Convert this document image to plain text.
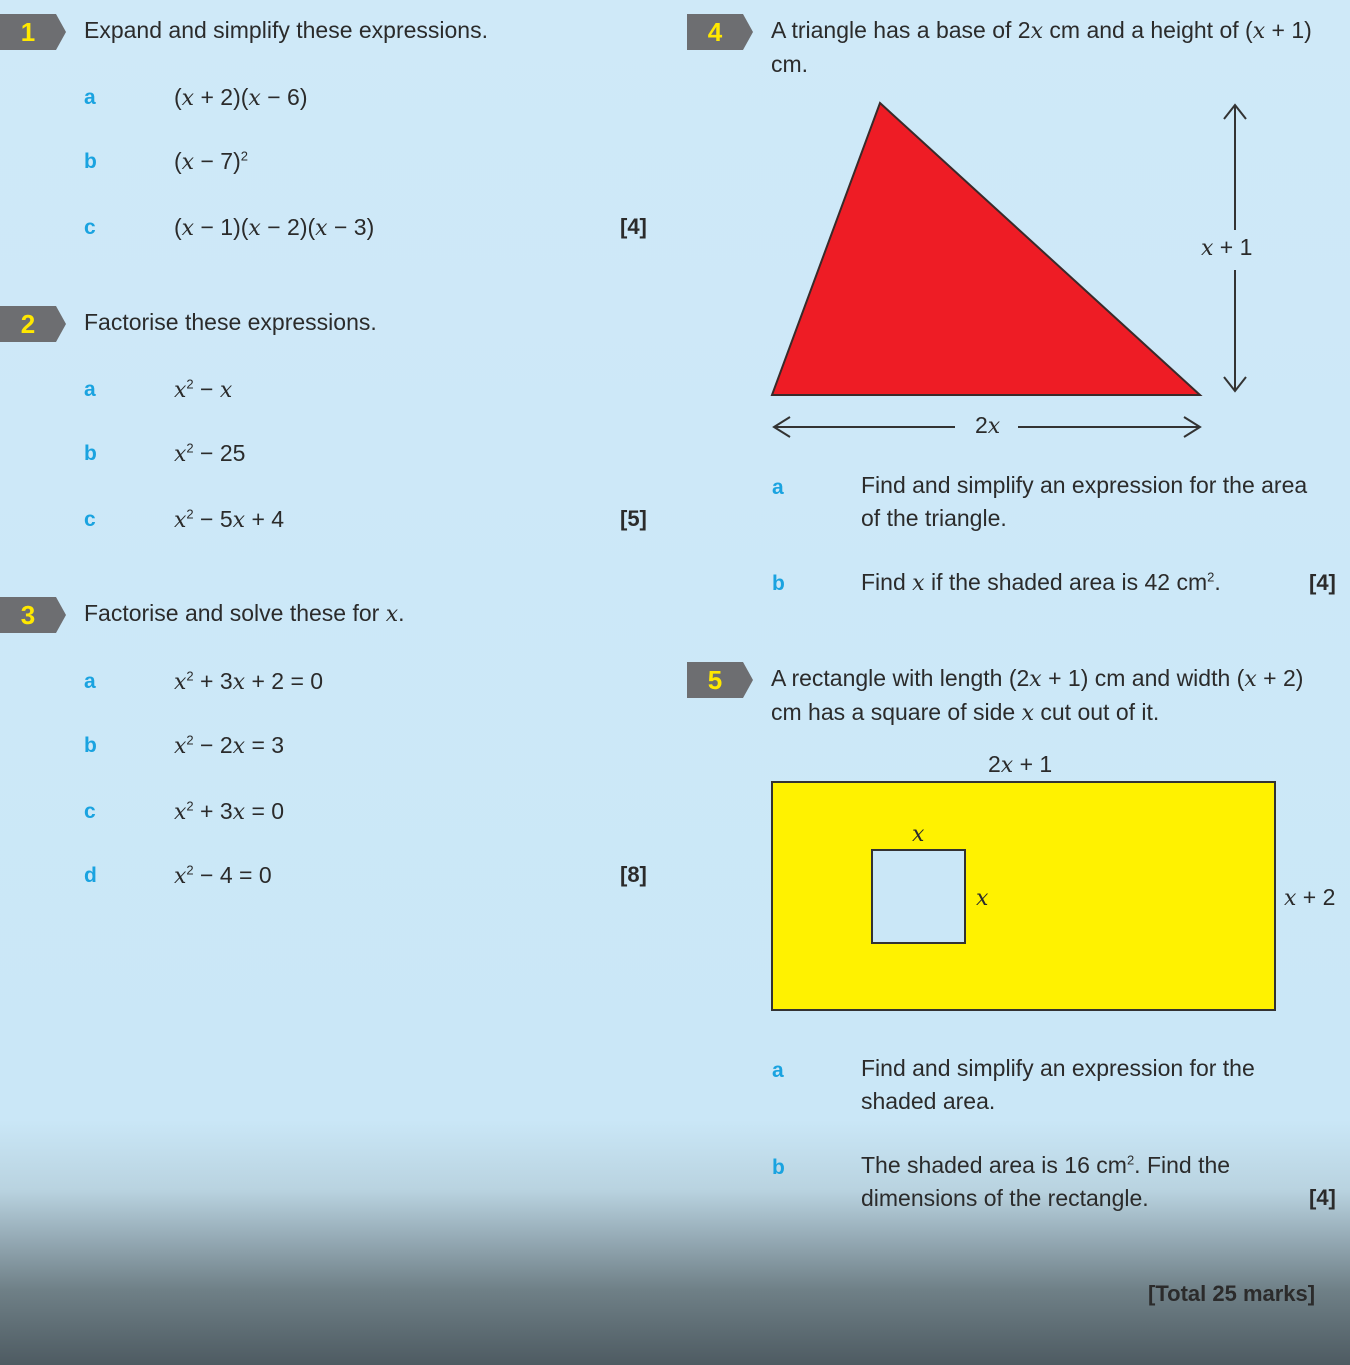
1	Expand and simplify these expressions.
a	(x + 2)(x − 6)
b	$(x - 7)^2$
c	(x − 1)(x − 2)(x − 3)	[4]
2	Factorise these expressions.
a	$x^2 - x$
b	$x^2 - 25$
c	$x^2 - 5x + 4$	[5]
3	Factorise and solve these for x.
a	$x^2 + 3x + 2 = 0$
b	$x^2 - 2x = 3$
c	$x^2 + 3x = 0$
d	$x^2 - 4 = 0$	[8]
4	A triangle has a base of 2x cm and a height of (x + 1) cm.
x + 1
2x
a	Find and simplify an expression for the area of the triangle.
b	Find x if the shaded area is 42 $cm^2$.	[4]
5	A rectangle with length (2x + 1) cm and width (x + 2) cm has a square of side x cut out of it.
2x + 1
x
x	x + 2
a	Find and simplify an expression for the shaded area.
b	The shaded area is 16 $cm^2$. Find the dimensions of the rectangle.	[4]
[Total 25 marks]
